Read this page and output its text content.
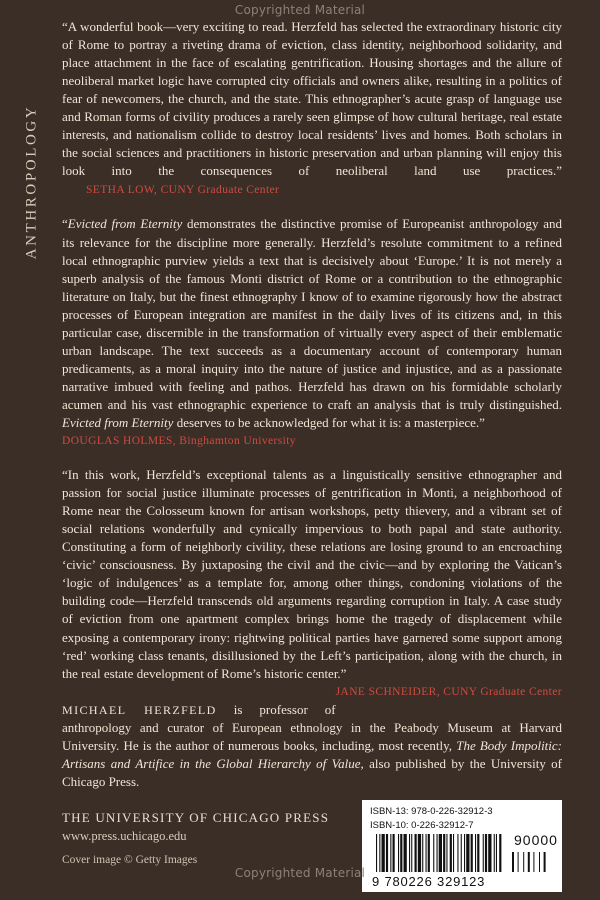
Copyrighted Material
ANTHROPOLOGY

“A wonderful book—very exciting to read. Herzfeld has selected the extraordinary historic city of Rome to portray a riveting drama of eviction, class identity, neighborhood solidarity, and place attachment in the face of escalating gentrification. Housing shortages and the allure of neoliberal market logic have corrupted city officials and owners alike, resulting in a politics of fear of newcomers, the church, and the state. This ethnographer’s acute grasp of language use and Roman forms of civility produces a rarely seen glimpse of how cultural heritage, real estate interests, and nationalism collide to destroy local residents’ lives and homes. Both scholars in the social sciences and practitioners in historic preservation and urban planning will enjoy this look into the consequences of neoliberal land use practices.” SETHA LOW, CUNY Graduate Center

“Evicted from Eternity demonstrates the distinctive promise of Europeanist anthropology and its relevance for the discipline more generally. Herzfeld’s resolute commitment to a refined local ethnographic purview yields a text that is decisively about ‘Europe.’ It is not merely a superb analysis of the famous Monti district of Rome or a contribution to the ethnographic literature on Italy, but the finest ethnography I know of to examine rigorously how the abstract processes of European integration are manifest in the daily lives of its citizens and, in this particular case, discernible in the transformation of virtually every aspect of their emblematic urban landscape. The text succeeds as a documentary account of contemporary human predicaments, as a moral inquiry into the nature of justice and injustice, and as a passionate narrative imbued with feeling and pathos. Herzfeld has drawn on his formidable scholarly acumen and his vast ethnographic experience to craft an analysis that is truly distinguished. Evicted from Eternity deserves to be acknowledged for what it is: a masterpiece.”
DOUGLAS HOLMES, Binghamton University

“In this work, Herzfeld’s exceptional talents as a linguistically sensitive ethnographer and passion for social justice illuminate processes of gentrification in Monti, a neighborhood of Rome near the Colosseum known for artisan workshops, petty thievery, and a vibrant set of social relations wonderfully and cynically impervious to both papal and state authority. Constituting a form of neighborly civility, these relations are losing ground to an encroaching ‘civic’ consciousness. By juxtaposing the civil and the civic—and by exploring the Vatican’s ‘logic of indulgences’ as a template for, among other things, condoning violations of the building code—Herzfeld transcends old arguments regarding corruption in Italy. A case study of eviction from one apartment complex brings home the tragedy of displacement while exposing a contemporary irony: rightwing political parties have garnered some support among ‘red’ working class tenants, disillusioned by the Left’s participation, along with the church, in the real estate development of Rome’s historic center.”
JANE SCHNEIDER, CUNY Graduate Center

MICHAEL HERZFELD is professor of anthropology and curator of European ethnology in the Peabody Museum at Harvard University. He is the author of numerous books, including, most recently, The Body Impolitic: Artisans and Artifice in the Global Hierarchy of Value, also published by the University of Chicago Press.

THE UNIVERSITY OF CHICAGO PRESS
www.press.uchicago.edu
Cover image © Getty Images
ISBN-13: 978-0-226-32912-3
ISBN-10: 0-226-32912-7
90000
9 780226 329123
Copyrighted Material
